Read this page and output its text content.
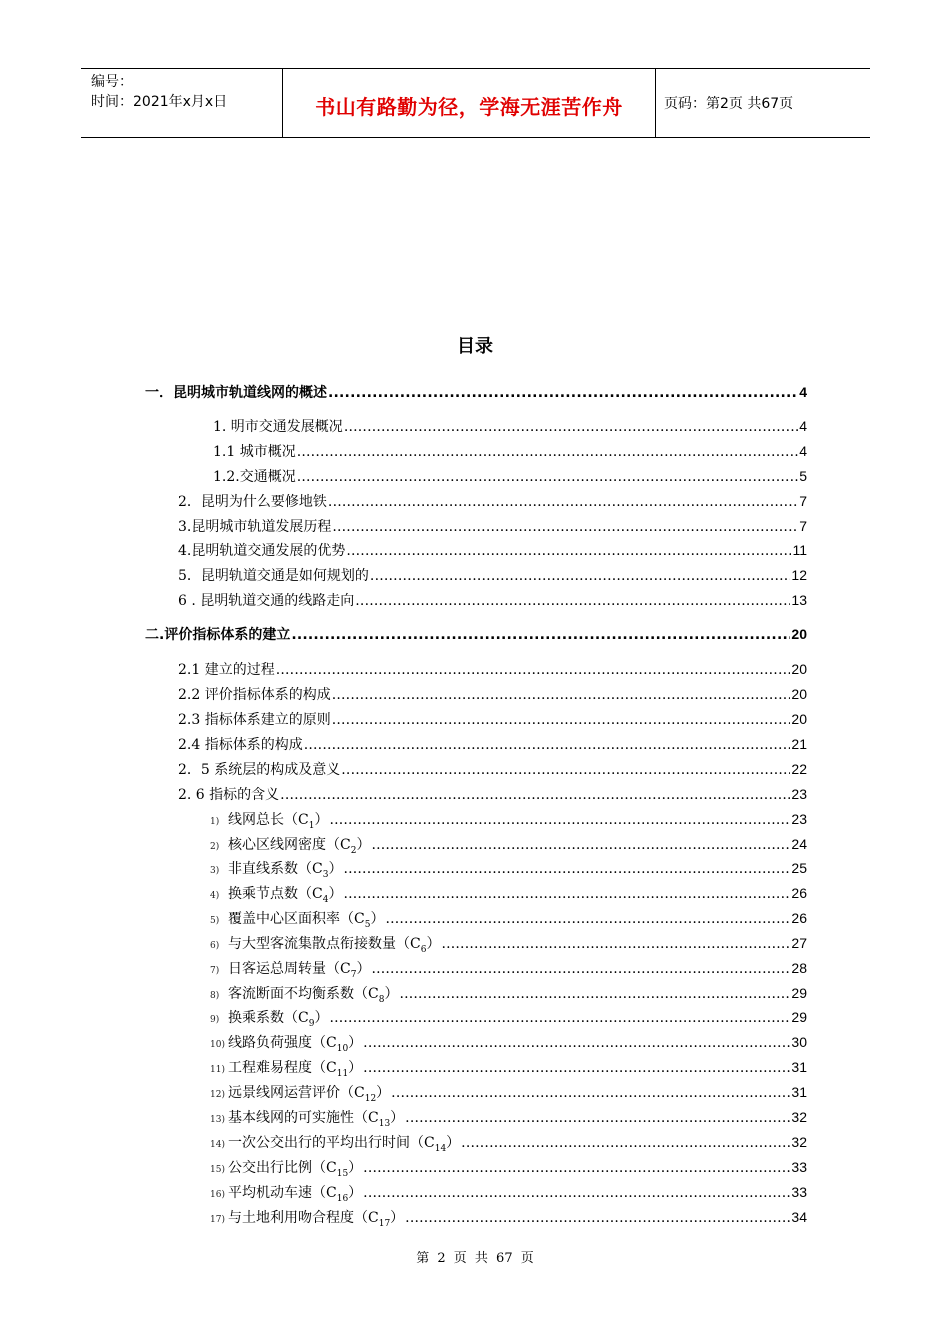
编号：
时间：2021年x月x日	书山有路勤为径，学海无涯苦作舟	页码：第2页 共67页
目录
一．昆明城市轨道线网的概述 .....	4
1. 明市交通发展概况 .....	4
1.1 城市概况 .....	4
1.2.交通概况 .....	5
2．昆明为什么要修地铁 .....	7
3.昆明城市轨道发展历程 .....	7
4.昆明轨道交通发展的优势 .....	11
5．昆明轨道交通是如何规划的 .....	12
6 . 昆明轨道交通的线路走向 .....	13
二.评价指标体系的建立 .....	20
2.1 建立的过程 .....	20
2.2 评价指标体系的构成 .....	20
2.3 指标体系建立的原则 .....	20
2.4 指标体系的构成 .....	21
2．5 系统层的构成及意义 .....	22
2. 6 指标的含义 .....	23
1) 线网总长$(C_1)$ .....	23
2) 核心区线网密度$(C_2)$ .....	24
3) 非直线系数$(C_3)$ .....	25
4) 换乘节点数$(C_4)$ .....	26
5) 覆盖中心区面积率$(C_5)$ .....	26
6) 与大型客流集散点衔接数量$(C_6)$ .....	27
7) 日客运总周转量$(C_7)$ .....	28
8) 客流断面不均衡系数$(C_8)$ .....	29
9) 换乘系数$(C_9)$ .....	29
10) 线路负荷强度$(C_{10})$ .....	30
11) 工程难易程度$(C_{11})$ .....	31
12) 远景线网运营评价$(C_{12})$ .....	31
13) 基本线网的可实施性$(C_{13})$ .....	32
14) 一次公交出行的平均出行时间$(C_{14})$ .....	32
15) 公交出行比例$(C_{15})$ .....	33
16) 平均机动车速$(C_{16})$ .....	33
17) 与土地利用吻合程度$(C_{17})$ .....	34
第 2 页 共 67 页
